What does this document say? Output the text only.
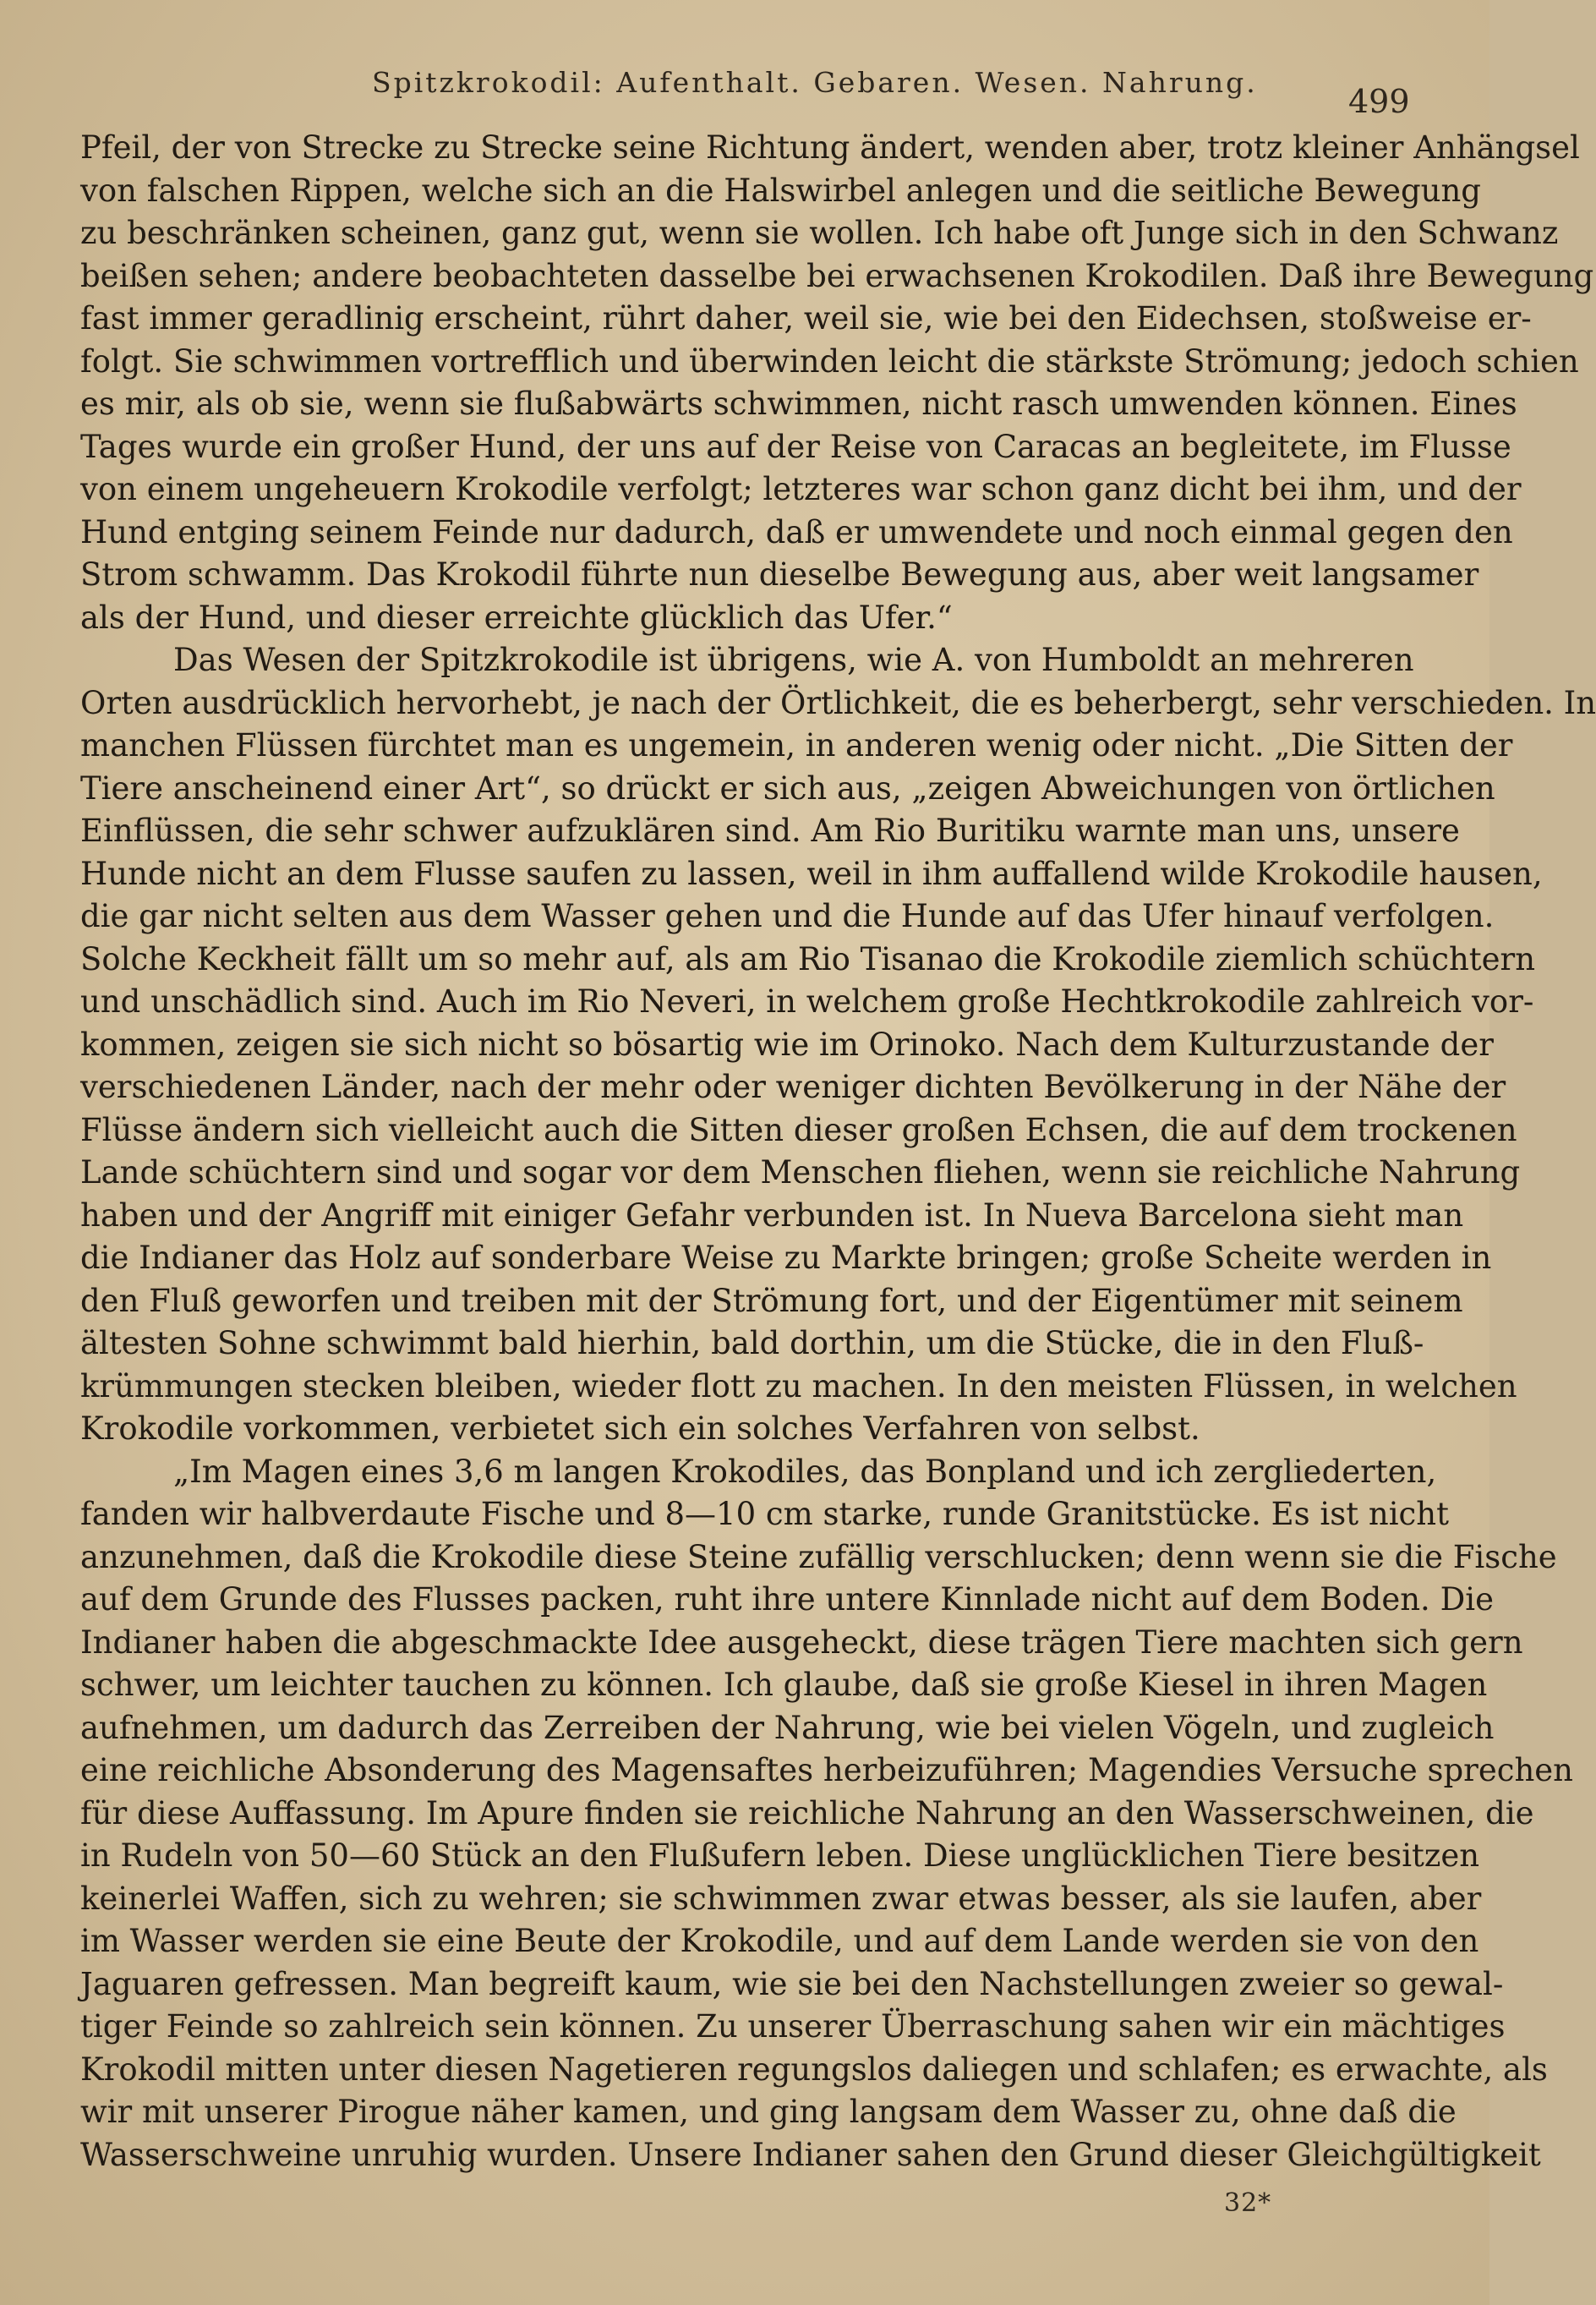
Spitzkrokodil: Aufenthalt. Gebaren. Wesen. Nahrung.
499
Pfeil, der von Strecke zu Strecke seine Richtung ändert, wenden aber, trotz kleiner Anhängsel
von falschen Rippen, welche sich an die Halswirbel anlegen und die seitliche Bewegung
zu beschränken scheinen, ganz gut, wenn sie wollen. Ich habe oft Junge sich in den Schwanz
beißen sehen; andere beobachteten dasselbe bei erwachsenen Krokodilen. Daß ihre Bewegung
fast immer geradlinig erscheint, rührt daher, weil sie, wie bei den Eidechsen, stoßweise er-
folgt. Sie schwimmen vortrefflich und überwinden leicht die stärkste Strömung; jedoch schien
es mir, als ob sie, wenn sie flußabwärts schwimmen, nicht rasch umwenden können. Eines
Tages wurde ein großer Hund, der uns auf der Reise von Caracas an begleitete, im Flusse
von einem ungeheuern Krokodile verfolgt; letzteres war schon ganz dicht bei ihm, und der
Hund entging seinem Feinde nur dadurch, daß er umwendete und noch einmal gegen den
Strom schwamm. Das Krokodil führte nun dieselbe Bewegung aus, aber weit langsamer
als der Hund, und dieser erreichte glücklich das Ufer.“
Das Wesen der Spitzkrokodile ist übrigens, wie A. von Humboldt an mehreren
Orten ausdrücklich hervorhebt, je nach der Örtlichkeit, die es beherbergt, sehr verschieden. In
manchen Flüssen fürchtet man es ungemein, in anderen wenig oder nicht. „Die Sitten der
Tiere anscheinend einer Art“, so drückt er sich aus, „zeigen Abweichungen von örtlichen
Einflüssen, die sehr schwer aufzuklären sind. Am Rio Buritiku warnte man uns, unsere
Hunde nicht an dem Flusse saufen zu lassen, weil in ihm auffallend wilde Krokodile hausen,
die gar nicht selten aus dem Wasser gehen und die Hunde auf das Ufer hinauf verfolgen.
Solche Keckheit fällt um so mehr auf, als am Rio Tisanao die Krokodile ziemlich schüchtern
und unschädlich sind. Auch im Rio Neveri, in welchem große Hechtkrokodile zahlreich vor-
kommen, zeigen sie sich nicht so bösartig wie im Orinoko. Nach dem Kulturzustande der
verschiedenen Länder, nach der mehr oder weniger dichten Bevölkerung in der Nähe der
Flüsse ändern sich vielleicht auch die Sitten dieser großen Echsen, die auf dem trockenen
Lande schüchtern sind und sogar vor dem Menschen fliehen, wenn sie reichliche Nahrung
haben und der Angriff mit einiger Gefahr verbunden ist. In Nueva Barcelona sieht man
die Indianer das Holz auf sonderbare Weise zu Markte bringen; große Scheite werden in
den Fluß geworfen und treiben mit der Strömung fort, und der Eigentümer mit seinem
ältesten Sohne schwimmt bald hierhin, bald dorthin, um die Stücke, die in den Fluß-
krümmungen stecken bleiben, wieder flott zu machen. In den meisten Flüssen, in welchen
Krokodile vorkommen, verbietet sich ein solches Verfahren von selbst.
„Im Magen eines 3,6 m langen Krokodiles, das Bonpland und ich zergliederten,
fanden wir halbverdaute Fische und 8—10 cm starke, runde Granitstücke. Es ist nicht
anzunehmen, daß die Krokodile diese Steine zufällig verschlucken; denn wenn sie die Fische
auf dem Grunde des Flusses packen, ruht ihre untere Kinnlade nicht auf dem Boden. Die
Indianer haben die abgeschmackte Idee ausgeheckt, diese trägen Tiere machten sich gern
schwer, um leichter tauchen zu können. Ich glaube, daß sie große Kiesel in ihren Magen
aufnehmen, um dadurch das Zerreiben der Nahrung, wie bei vielen Vögeln, und zugleich
eine reichliche Absonderung des Magensaftes herbeizuführen; Magendies Versuche sprechen
für diese Auffassung. Im Apure finden sie reichliche Nahrung an den Wasserschweinen, die
in Rudeln von 50—60 Stück an den Flußufern leben. Diese unglücklichen Tiere besitzen
keinerlei Waffen, sich zu wehren; sie schwimmen zwar etwas besser, als sie laufen, aber
im Wasser werden sie eine Beute der Krokodile, und auf dem Lande werden sie von den
Jaguaren gefressen. Man begreift kaum, wie sie bei den Nachstellungen zweier so gewal-
tiger Feinde so zahlreich sein können. Zu unserer Überraschung sahen wir ein mächtiges
Krokodil mitten unter diesen Nagetieren regungslos daliegen und schlafen; es erwachte, als
wir mit unserer Pirogue näher kamen, und ging langsam dem Wasser zu, ohne daß die
Wasserschweine unruhig wurden. Unsere Indianer sahen den Grund dieser Gleichgültigkeit
32*
